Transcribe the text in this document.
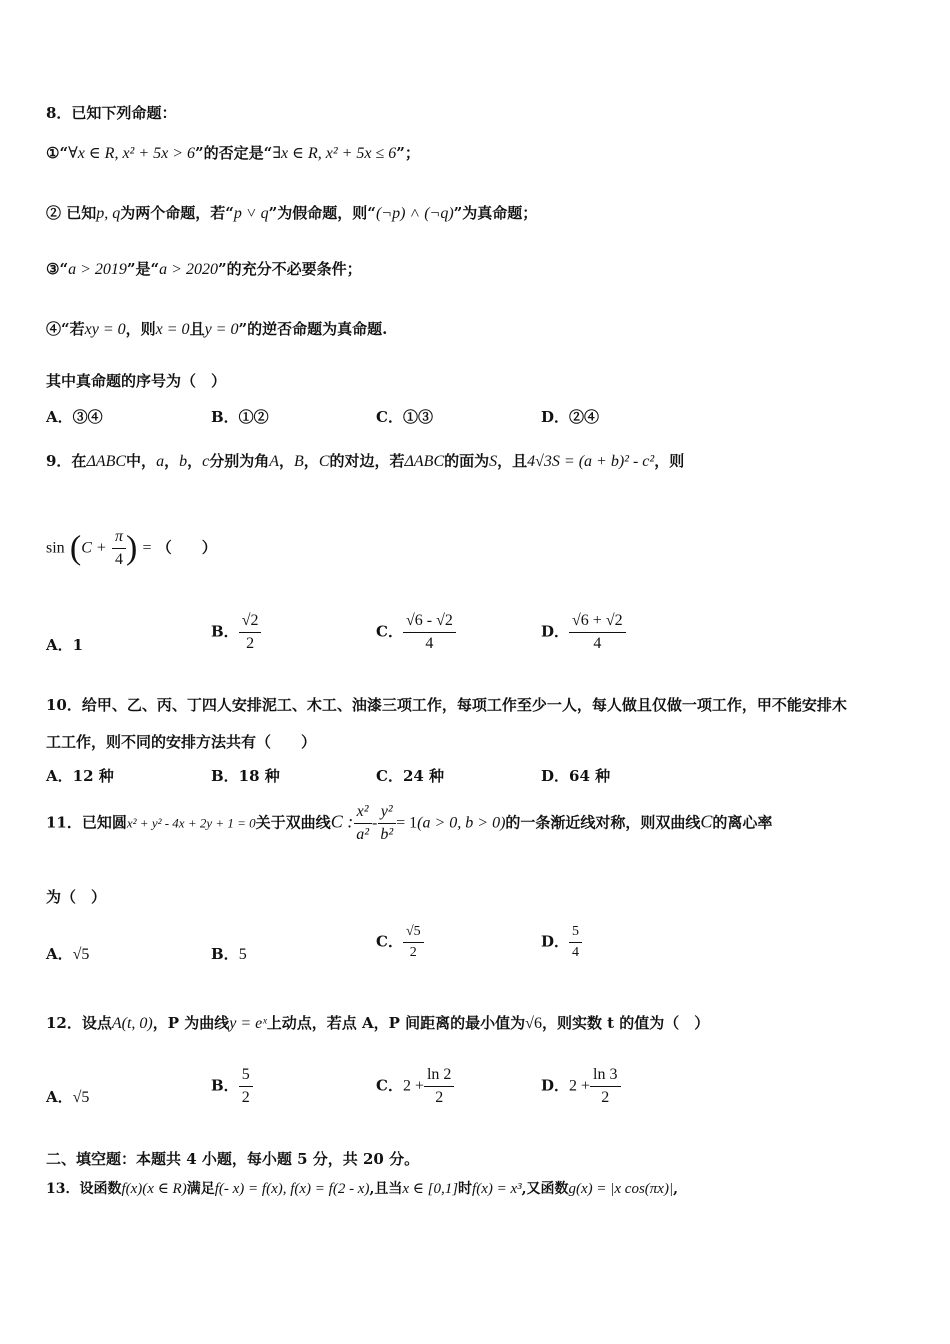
8．已知下列命题：
①“∀x ∈ R, x² + 5x > 6”的否定是“∃x ∈ R, x² + 5x ≤ 6”；
② 已知p, q为两个命题，若“p ˅ q”为假命题，则“(¬p) ˄ (¬q)”为真命题；
③“a > 2019”是“a > 2020”的充分不必要条件；
④“若xy = 0，则x = 0且y = 0”的逆否命题为真命题.
其中真命题的序号为（　）
A．③④	B．①②	C．①③	D．②④
9．在ΔABC中，a，b，c分别为角A，B，C的对边，若ΔABC的面为S，且4√3S = (a + b)² - c²，则
$\sin (C + \frac{\pi}{4}$ ) = （　　）
A．1
B． $\frac{√2}{2}$	C． $\frac{√6 - √2}{4}$	D． $\frac{√6 + √2}{4}$
10．给甲、乙、丙、丁四人安排泥工、木工、油漆三项工作，每项工作至少一人，每人做且仅做一项工作，甲不能安排木
工工作，则不同的安排方法共有（　　）
A．12 种	B．18 种	C．24 种	D．64 种
11．已知圆x² + y² - 4x + 2y + 1 = 0关于双曲线C : $\frac{\text{x²}}{\text{a²}} - \frac{\text{y²}}{\text{b²}} = 1(a > 0$, b > 0)的一条渐近线对称，则双曲线C的离心率
为（　）
A．√5	B．5
C． $\frac{√5}{2}$	D． $\frac{5}{4}$
12．设点A(t, 0)，P 为曲线y = eˣ上动点，若点 A，P 间距离的最小值为√6，则实数 t 的值为（　）
A．√5
B． $\frac{5}{2}$	C．$2 + \frac{\ln 2}{2}$	D．$2 + \frac{\ln 3}{2}$
二、填空题：本题共 4 小题，每小题 5 分，共 20 分。
13．设函数f(x)(x ∈ R)满足f(- x) = f(x), f(x) = f(2 - x),且当x ∈ [0,1]时f(x) = x³,又函数g(x) = |x cos(πx)|,
